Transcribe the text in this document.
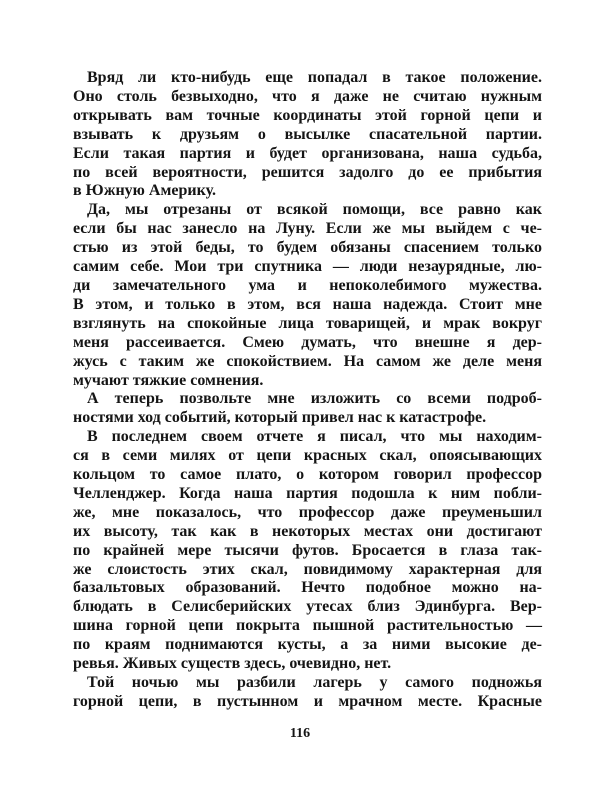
Вряд ли кто-нибудь еще попадал в такое положение.
Оно столь безвыходно, что я даже не считаю нужным
открывать вам точные координаты этой горной цепи и
взывать к друзьям о высылке спасательной партии.
Если такая партия и будет организована, наша судьба,
по всей вероятности, решится задолго до ее прибытия
в Южную Америку.
Да, мы отрезаны от всякой помощи, все равно как
если бы нас занесло на Луну. Если же мы выйдем с че-
стью из этой беды, то будем обязаны спасением только
самим себе. Мои три спутника — люди незаурядные, лю-
ди замечательного ума и непоколебимого мужества.
В этом, и только в этом, вся наша надежда. Стоит мне
взглянуть на спокойные лица товарищей, и мрак вокруг
меня рассеивается. Смею думать, что внешне я дер-
жусь с таким же спокойствием. На самом же деле меня
мучают тяжкие сомнения.
А теперь позвольте мне изложить со всеми подроб-
ностями ход событий, который привел нас к катастрофе.
В последнем своем отчете я писал, что мы находим-
ся в семи милях от цепи красных скал, опоясывающих
кольцом то самое плато, о котором говорил профессор
Челленджер. Когда наша партия подошла к ним побли-
же, мне показалось, что профессор даже преуменьшил
их высоту, так как в некоторых местах они достигают
по крайней мере тысячи футов. Бросается в глаза так-
же слоистость этих скал, повидимому характерная для
базальтовых образований. Нечто подобное можно на-
блюдать в Селисберийских утесах близ Эдинбурга. Вер-
шина горной цепи покрыта пышной растительностью —
по краям поднимаются кусты, а за ними высокие де-
ревья. Живых существ здесь, очевидно, нет.
Той ночью мы разбили лагерь у самого подножья
горной цепи, в пустынном и мрачном месте. Красные
116
